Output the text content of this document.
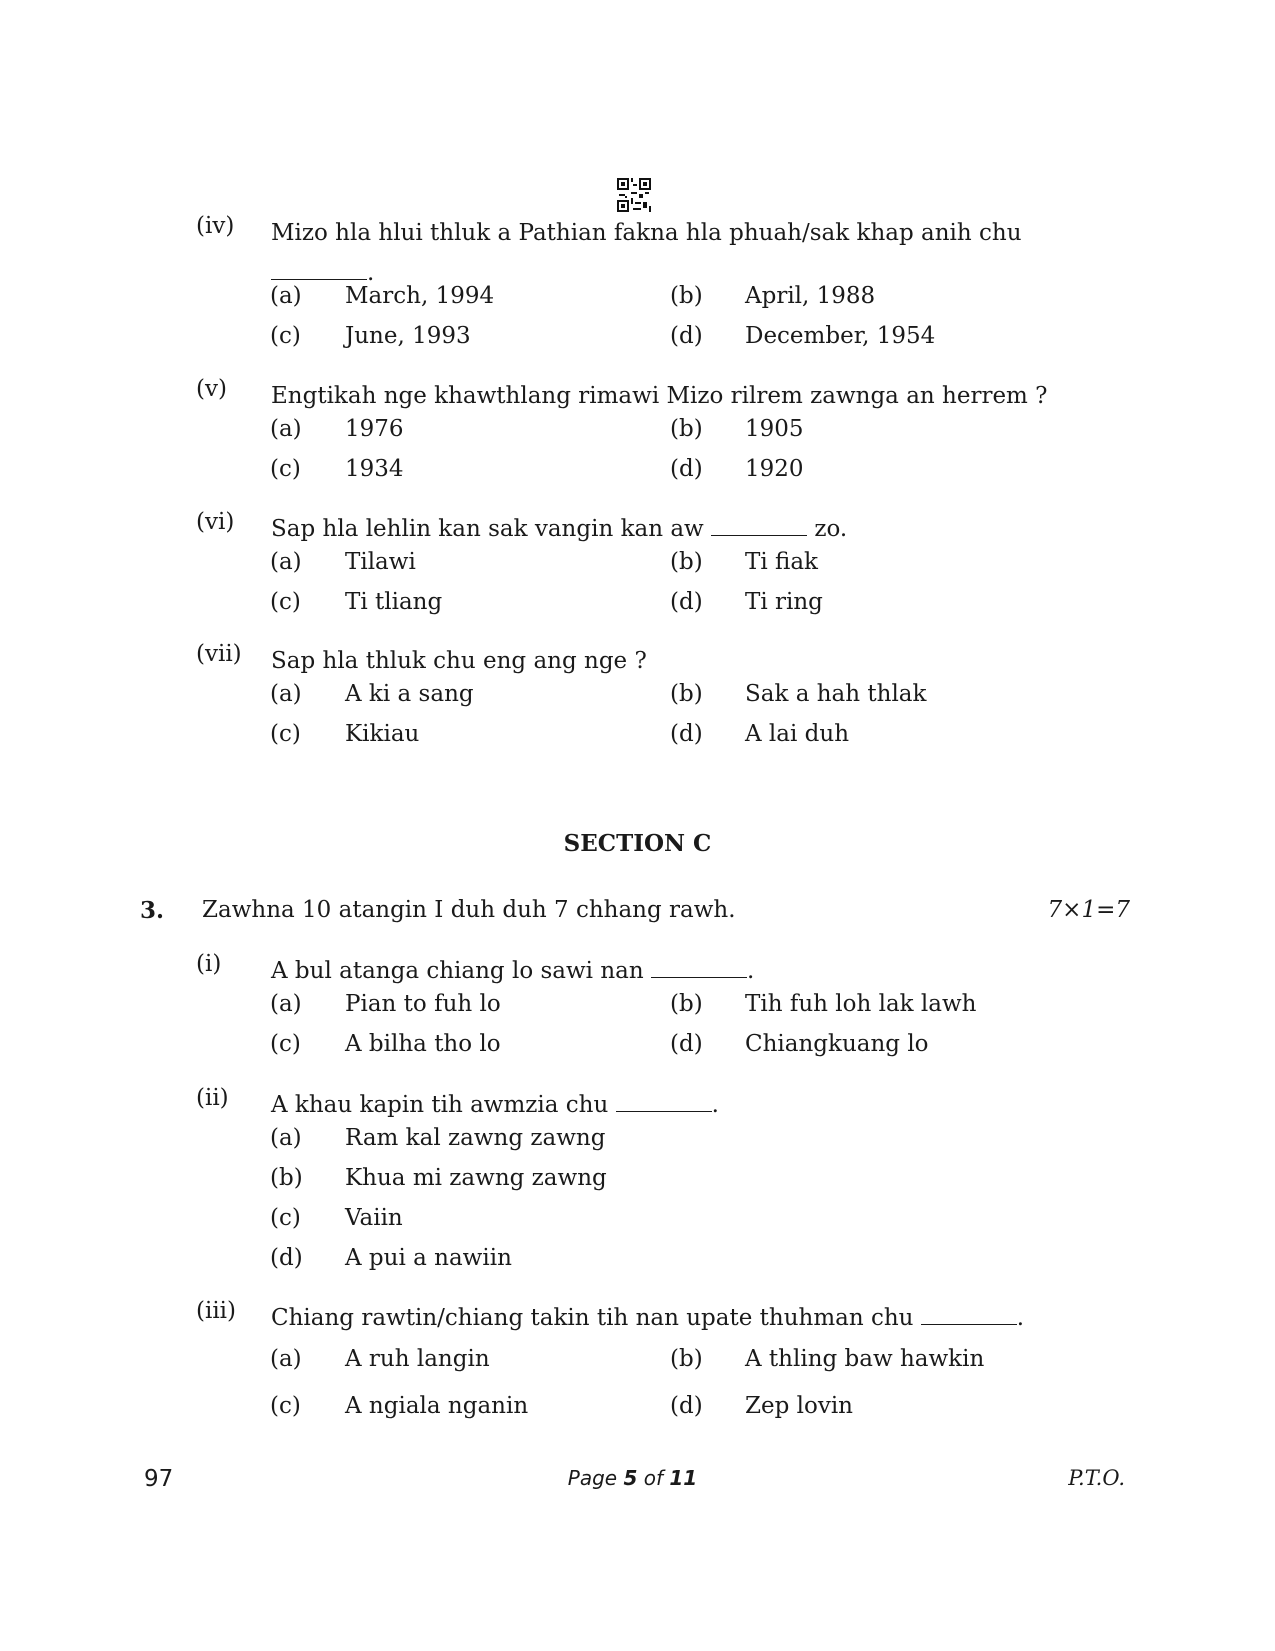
(iv) Mizo hla hlui thluk a Pathian fakna hla phuah/sak khap anih chu
.
(a) March, 1994	(b) April, 1988
(c) June, 1993	(d) December, 1954
(v) Engtikah nge khawthlang rimawi Mizo rilrem zawnga an herrem ?
(a) 1976	(b) 1905
(c) 1934	(d) 1920
(vi) Sap hla lehlin kan sak vangin kan aw	zo.
(a) Tilawi	(b) Ti fiak
(c) Ti tliang	(d) Ti ring
(vii) Sap hla thluk chu eng ang nge ?
(a) A ki a sang	(b) Sak a hah thlak
(c) Kikiau	(d) A lai duh
SECTION C
3. Zawhna 10 atangin I duh duh 7 chhang rawh.	7×1=7
(i) A bul atanga chiang lo sawi nan	.
(a) Pian to fuh lo	(b) Tih fuh loh lak lawh
(c) A bilha tho lo	(d) Chiangkuang lo
(ii) A khau kapin tih awmzia chu	.
(a) Ram kal zawng zawng
(b) Khua mi zawng zawng
(c) Vaiin
(d) A pui a nawiin
(iii) Chiang rawtin/chiang takin tih nan upate thuhman chu	.
(a) A ruh langin	(b) A thling baw hawkin
(c) A ngiala nganin	(d) Zep lovin
97	Page 5 of 11	P.T.O.
